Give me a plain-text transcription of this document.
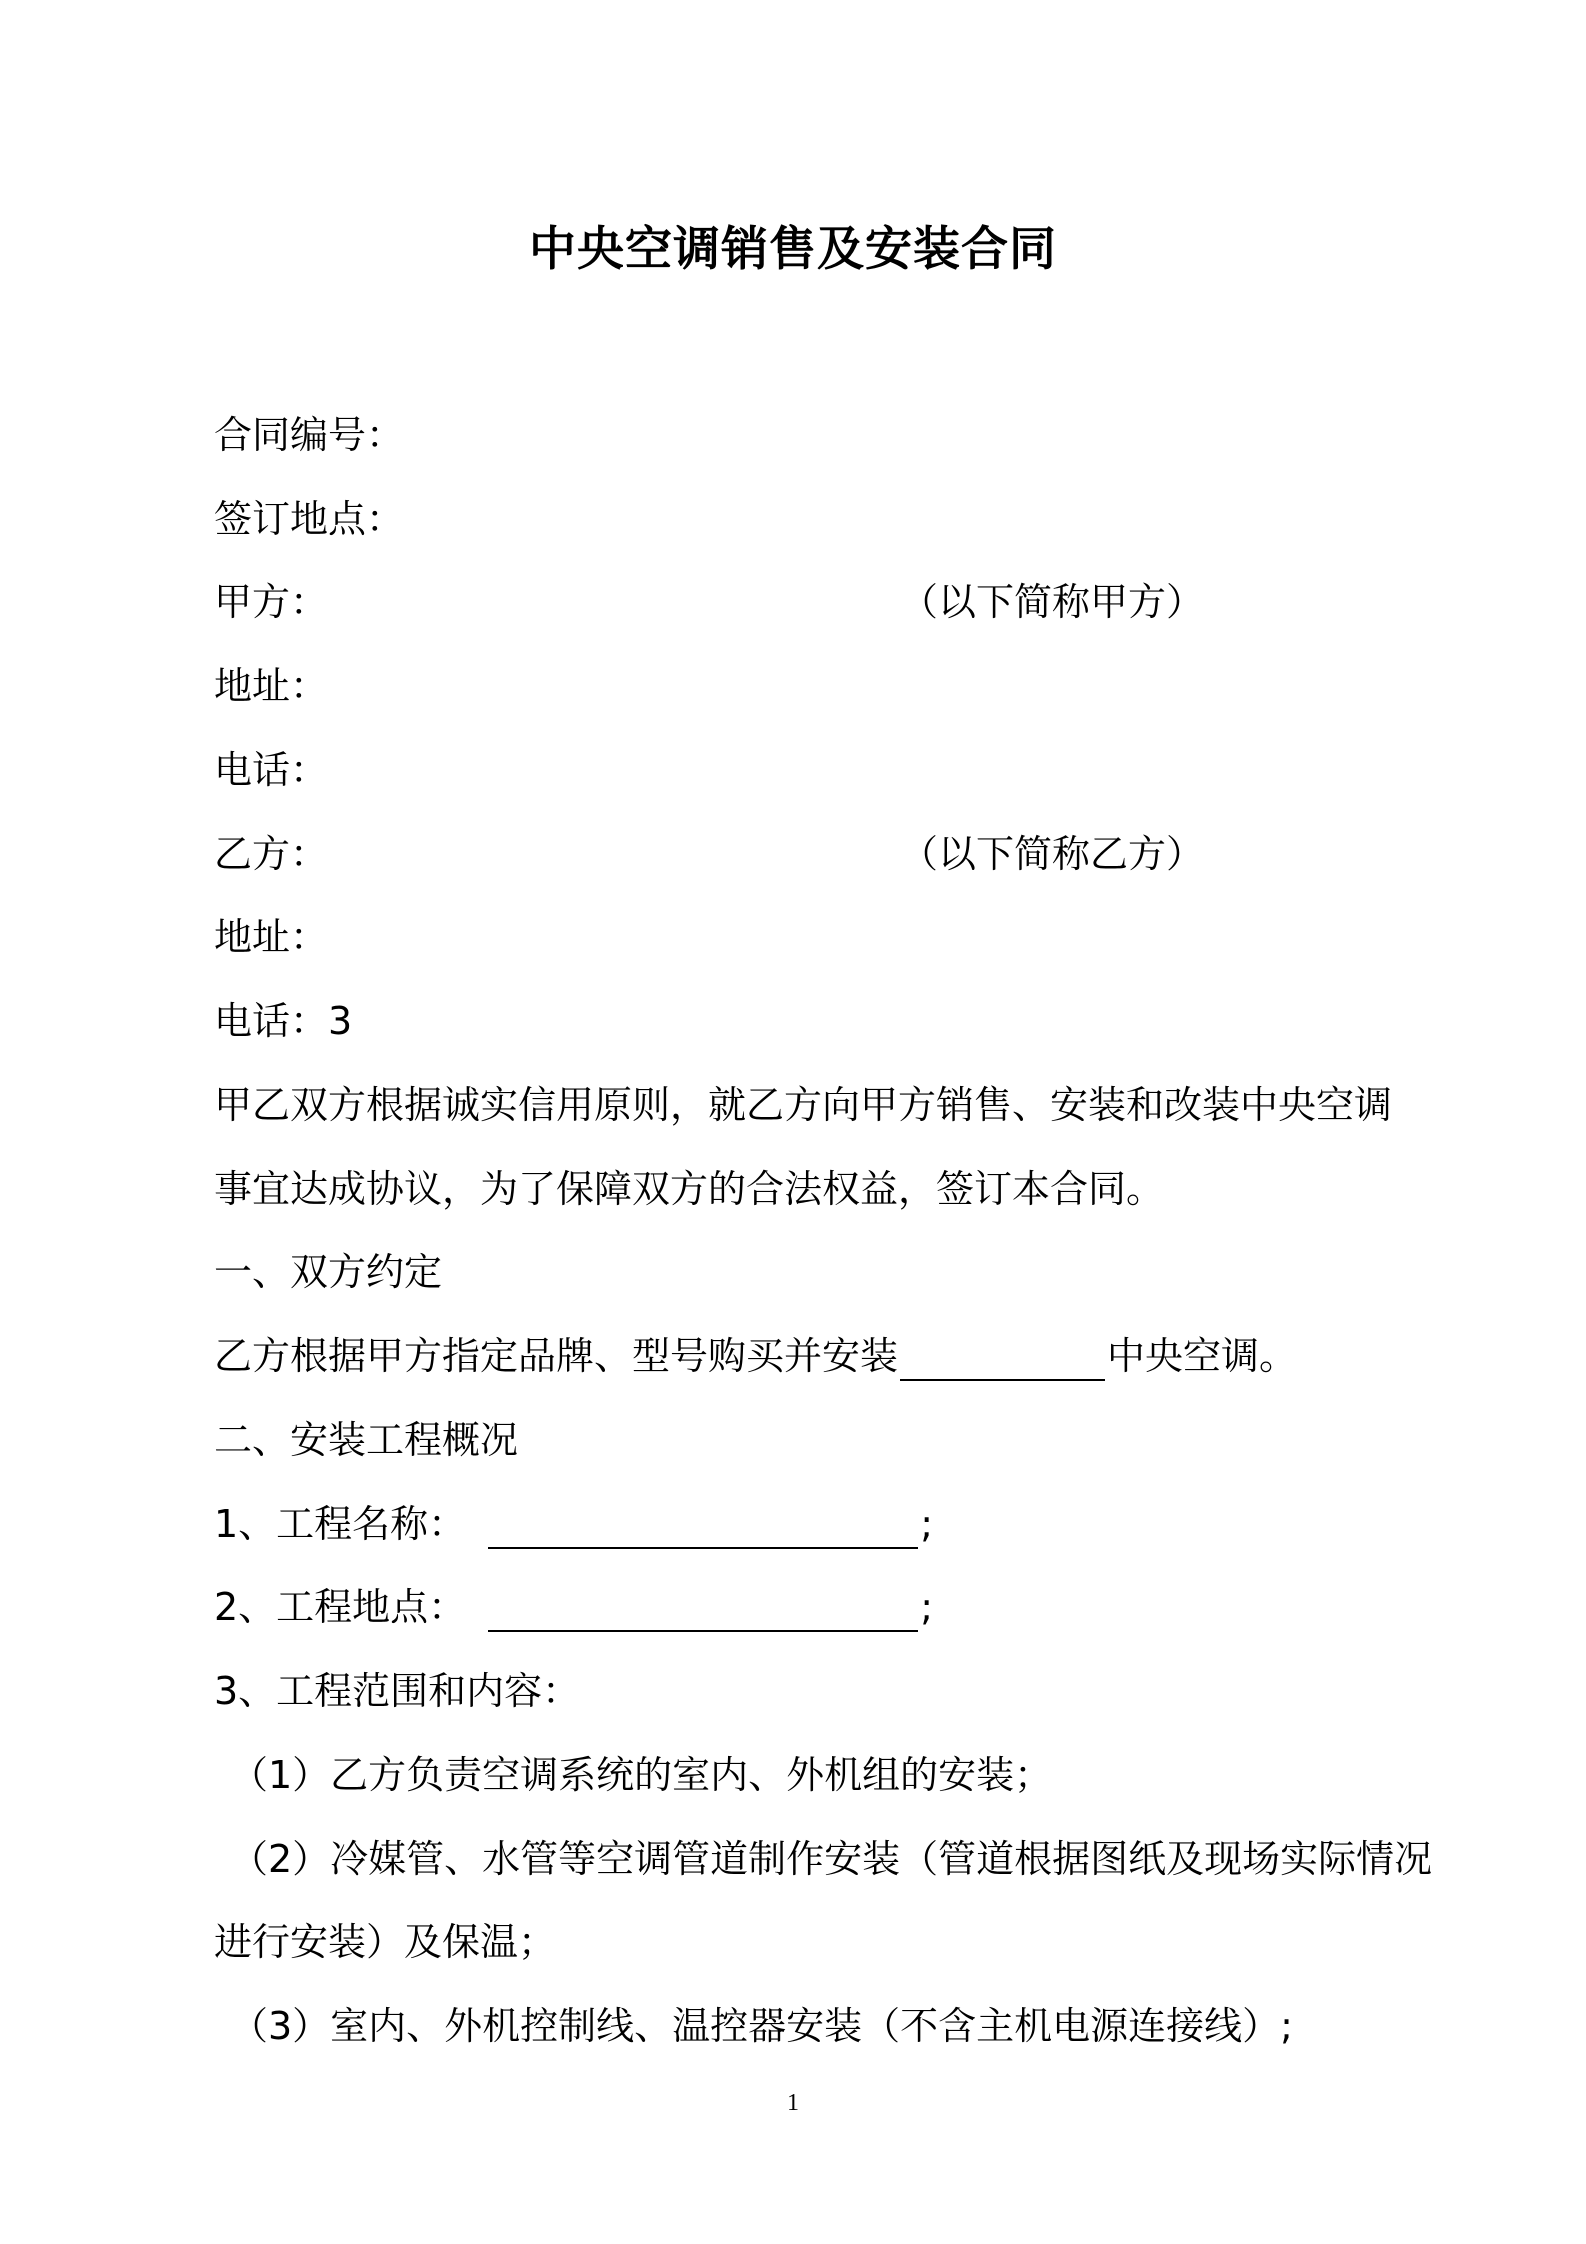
中央空调销售及安装合同
合同编号：
签订地点：
甲方：	（以下简称甲方）
地址：
电话：
乙方：	（以下简称乙方）
地址：
电话：3
甲乙双方根据诚实信用原则，就乙方向甲方销售、安装和改装中央空调
事宜达成协议，为了保障双方的合法权益，签订本合同。
一、双方约定
乙方根据甲方指定品牌、型号购买并安装	中央空调。
二、安装工程概况
1、工程名称：	;
2、工程地点：	;
3、工程范围和内容：
（1）乙方负责空调系统的室内、外机组的安装；
（2）冷媒管、水管等空调管道制作安装（管道根据图纸及现场实际情况
进行安装）及保温；
（3）室内、外机控制线、温控器安装（不含主机电源连接线）;
1
